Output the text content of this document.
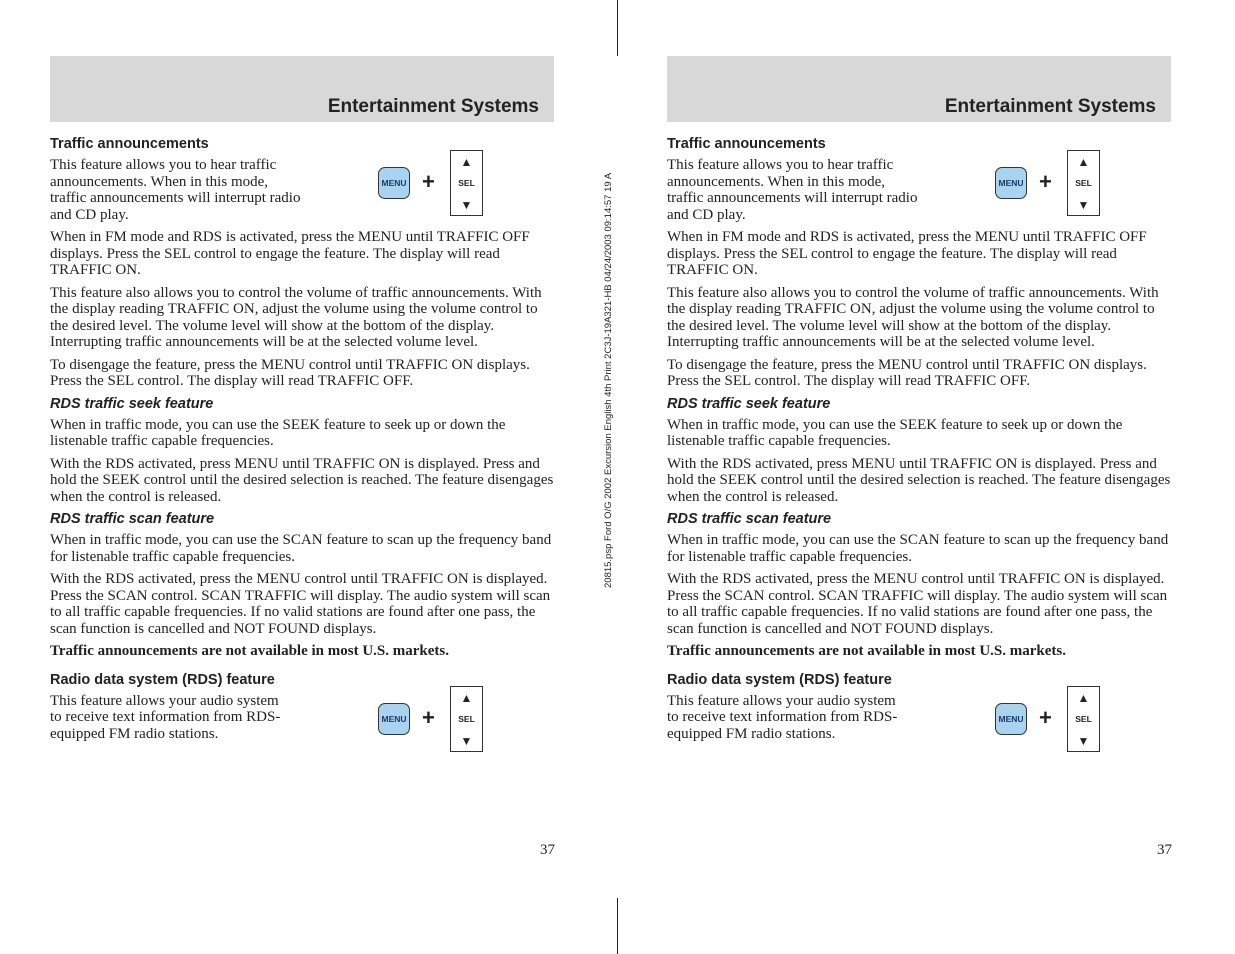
20815.psp Ford O/G 2002 Excursion English 4th Print 2C3J-19A321-HB 04/24/2003 09:14:57 19 A
Entertainment Systems
Traffic announcements

This feature allows you to hear traffic announcements. When in this mode, traffic announcements will interrupt radio and CD play.

MENU +
▲
SEL
▼

When in FM mode and RDS is activated, press the MENU until TRAFFIC OFF displays. Press the SEL control to engage the feature. The display will read TRAFFIC ON.

This feature also allows you to control the volume of traffic announcements. With the display reading TRAFFIC ON, adjust the volume using the volume control to the desired level. The volume level will show at the bottom of the display. Interrupting traffic announcements will be at the selected volume level.

To disengage the feature, press the MENU control until TRAFFIC ON displays. Press the SEL control. The display will read TRAFFIC OFF.

RDS traffic seek feature

When in traffic mode, you can use the SEEK feature to seek up or down the listenable traffic capable frequencies.

With the RDS activated, press MENU until TRAFFIC ON is displayed. Press and hold the SEEK control until the desired selection is reached. The feature disengages when the control is released.

RDS traffic scan feature

When in traffic mode, you can use the SCAN feature to scan up the frequency band for listenable traffic capable frequencies.

With the RDS activated, press the MENU control until TRAFFIC ON is displayed. Press the SCAN control. SCAN TRAFFIC will display. The audio system will scan to all traffic capable frequencies. If no valid stations are found after one pass, the scan function is cancelled and NOT FOUND displays.

Traffic announcements are not available in most U.S. markets.

Radio data system (RDS) feature

This feature allows your audio system to receive text information from RDS-equipped FM radio stations.

MENU +
▲
SEL
▼
37
Entertainment Systems
Traffic announcements

This feature allows you to hear traffic announcements. When in this mode, traffic announcements will interrupt radio and CD play.

MENU +
▲
SEL
▼

When in FM mode and RDS is activated, press the MENU until TRAFFIC OFF displays. Press the SEL control to engage the feature. The display will read TRAFFIC ON.

This feature also allows you to control the volume of traffic announcements. With the display reading TRAFFIC ON, adjust the volume using the volume control to the desired level. The volume level will show at the bottom of the display. Interrupting traffic announcements will be at the selected volume level.

To disengage the feature, press the MENU control until TRAFFIC ON displays. Press the SEL control. The display will read TRAFFIC OFF.

RDS traffic seek feature

When in traffic mode, you can use the SEEK feature to seek up or down the listenable traffic capable frequencies.

With the RDS activated, press MENU until TRAFFIC ON is displayed. Press and hold the SEEK control until the desired selection is reached. The feature disengages when the control is released.

RDS traffic scan feature

When in traffic mode, you can use the SCAN feature to scan up the frequency band for listenable traffic capable frequencies.

With the RDS activated, press the MENU control until TRAFFIC ON is displayed. Press the SCAN control. SCAN TRAFFIC will display. The audio system will scan to all traffic capable frequencies. If no valid stations are found after one pass, the scan function is cancelled and NOT FOUND displays.

Traffic announcements are not available in most U.S. markets.

Radio data system (RDS) feature

This feature allows your audio system to receive text information from RDS-equipped FM radio stations.

MENU +
▲
SEL
▼
37
